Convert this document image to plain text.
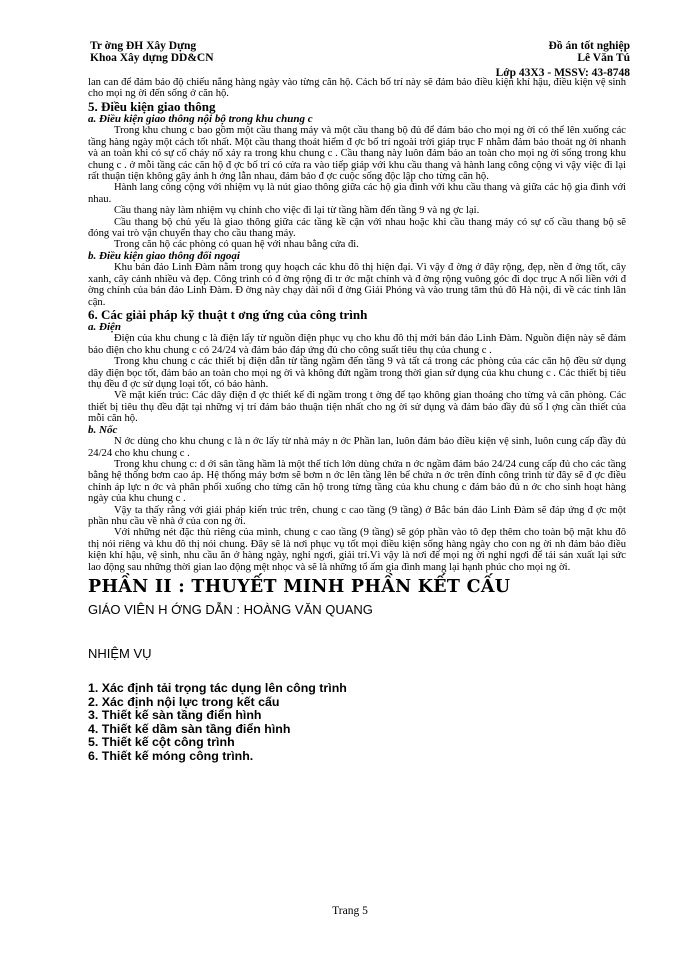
Tr ờng ĐH Xây Dựng
Khoa Xây dựng DD&CN
Đồ án tốt nghiệp
Lê Văn Tú
Lớp 43X3 - MSSV: 43-8748

lan can để đảm bảo độ chiếu nắng hàng ngày vào từng căn hộ. Cách bố trí này sẽ đảm bảo điều kiện khí hậu, điều kiện vệ sinh cho mọi ng ời đến sống ở căn hộ.

5. Điều kiện giao thông

a. Điều kiện giao thông nội bộ trong khu chung c

Trong khu chung c bao gồm một cầu thang máy và một cầu thang bộ đủ để đảm bảo cho mọi ng ời có thể lên xuống các tầng hàng ngày một cách tốt nhất. Một cầu thang thoát hiểm đ ợc bố trí ngoài trời giáp trục F nhằm đảm bảo thoát ng ời nhanh và an toàn khi có sự cố cháy nổ xảy ra trong khu chung c . Cầu thang này luôn đảm bảo an toàn cho mọi ng ời sống trong khu chung c . ở mỗi tầng các căn hộ đ ợc bố trí có cửa ra vào tiếp giáp với khu cầu thang và hành lang công cộng vì vậy việc đi lại rất thuận tiện không gây ảnh h ởng lẫn nhau, đảm bảo đ ợc cuộc sống độc lập cho từng căn hộ.

Hành lang công cộng với nhiệm vụ là nút giao thông giữa các hộ gia đình với khu cầu thang và giữa các hộ gia đình với nhau.

Cầu thang này làm nhiệm vụ chính cho việc đi lại từ tầng hầm đến tầng 9 và ng ợc lại.

Cầu thang bộ chủ yếu là giao thông giữa các tầng kề cận với nhau hoặc khi cầu thang máy có sự cố cầu thang bộ sẽ đóng vai trò vận chuyển thay cho cầu thang máy.

Trong căn hộ các phòng có quan hệ với nhau bằng cửa đi.

b. Điều kiện giao thông đối ngoại

Khu bán đảo Linh Đàm nằm trong quy hoạch các khu đô thị hiện đại. Vì vậy đ ờng ở đây rộng, đẹp, nền đ ờng tốt, cây xanh, cây cảnh nhiều và đẹp. Công trình có đ ờng rộng đi tr ớc mặt chính và đ ờng rộng vuông góc đi dọc trục A nối liền với đ ờng chính của bán đảo Linh Đàm. Đ ờng này chạy dài nối đ ờng Giải Phóng và vào trung tâm thủ đô Hà nội, đi về các tỉnh lân cận.

6. Các giải pháp kỹ thuật t ơng ứng của công trình

a. Điện

Điện của khu chung c là điện lấy từ nguồn điện phục vụ cho khu đô thị mới bán đảo Linh Đàm. Nguồn điện này sẽ đảm bảo điện cho khu chung c có 24/24 và đảm bảo đáp ứng đủ cho công suất tiêu thụ của chung c .

Trong khu chung c các thiết bị điện dẫn từ tầng ngầm đến tầng 9 và tất cả trong các phòng của các căn hộ đều sử dụng dây điện bọc tốt, đảm bảo an toàn cho mọi ng ời và không đứt ngầm trong thời gian sử dụng của khu chung c . Các thiết bị tiêu thụ đều đ ợc sử dụng loại tốt, có bảo hành.

Về mặt kiến trúc: Các dây điện đ ợc thiết kế đi ngầm trong t ờng để tạo không gian thoáng cho từng và căn phòng. Các thiết bị tiêu thụ đều đặt tại những vị trí đảm bảo thuận tiện nhất cho ng ời sử dụng và đảm bảo đầy đủ số l ợng cần thiết của mỗi căn hộ.

b. Nốc

N ớc dùng cho khu chung c là n ớc lấy từ nhà máy n ớc Phần lan, luôn đảm bảo điều kiện vệ sinh, luôn cung cấp đầy đủ 24/24 cho khu chung c .

Trong khu chung c: d ới sân tầng hầm là một thể tích lớn dùng chứa n ớc ngầm đảm bảo 24/24 cung cấp đủ cho các tầng bằng hệ thống bơm cao áp. Hệ thống máy bơm sẽ bơm n ớc lên tầng lên bể chứa n ớc trên đỉnh công trình từ đây sẽ đ ợc điều chỉnh áp lực n ớc và phân phối xuống cho từng căn hộ trong từng tầng của khu chung c đảm bảo đủ n ớc cho sinh hoạt hàng ngày của khu chung c .

Vậy ta thấy rằng với giải pháp kiến trúc trên, chung c cao tầng (9 tầng) ở Bắc bán đảo Linh Đàm sẽ đáp ứng đ ợc một phần nhu cầu về nhà ở của con ng ời.

Với những nét đặc thù riêng của mình, chung c cao tầng (9 tầng) sẽ góp phần vào tô đẹp thêm cho toàn bộ mặt khu đô thị nói riêng và khu đô thị nói chung. Đây sẽ là nơi phục vụ tốt mọi điều kiện sống hàng ngày cho con ng ời nh đảm bảo điều kiện khí hậu, vệ sinh, nhu cầu ăn ở hàng ngày, nghỉ ngơi, giải trí.Vì vậy là nơi để mọi ng ời nghỉ ngơi để tái sản xuất lại sức lao động sau những thời gian lao động mệt nhọc và sẽ là những tổ ấm gia đình mang lại hạnh phúc cho mọi ng ời.

PHẦN II : THUYẾT MINH PHẦN KẾT CẤU
GIÁO VIÊN H ỚNG DẪN : HOÀNG VĂN QUANG
NHIỆM VỤ
1. Xác định tải trọng tác dụng lên công trình
2. Xác định nội lực trong kết cấu
3. Thiết kế sàn tầng điển hình
4. Thiết kế dầm sàn tầng điển hình
5. Thiết kế cột công trình
6. Thiết kế móng công trình.
Trang 5
